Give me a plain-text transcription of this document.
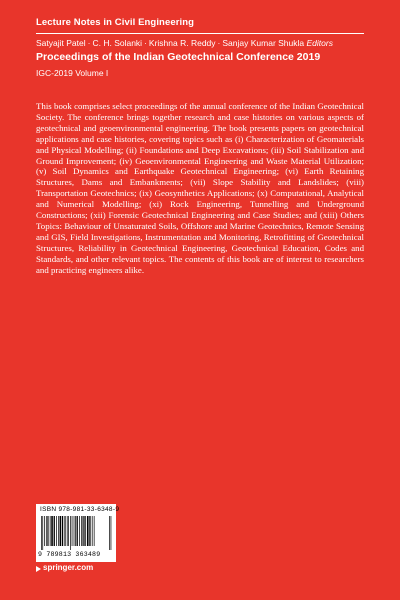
Lecture Notes in Civil Engineering
Satyajit Patel · C. H. Solanki · Krishna R. Reddy · Sanjay Kumar Shukla Editors
Proceedings of the Indian Geotechnical Conference 2019
IGC-2019 Volume I

This book comprises select proceedings of the annual conference of the Indian Geotechnical Society. The conference brings together research and case histories on various aspects of geotechnical and geoenvironmental engineering. The book presents papers on geotechnical applications and case histories, covering topics such as (i) Characterization of Geomaterials and Physical Modelling; (ii) Foundations and Deep Excavations; (iii) Soil Stabilization and Ground Improvement; (iv) Geoenvironmental Engineering and Waste Material Utilization; (v) Soil Dynamics and Earthquake Geotechnical Engineering; (vi) Earth Retaining Structures, Dams and Embankments; (vii) Slope Stability and Landslides; (viii) Transportation Geotechnics; (ix) Geosynthetics Applications; (x) Computational, Analytical and Numerical Modelling; (xi) Rock Engineering, Tunnelling and Underground Constructions; (xii) Forensic Geotechnical Engineering and Case Studies; and (xiii) Others Topics: Behaviour of Unsaturated Soils, Offshore and Marine Geotechnics, Remote Sensing and GIS, Field Investigations, Instrumentation and Monitoring, Retrofitting of Geotechnical Structures, Reliability in Geotechnical Engineering, Geotechnical Education, Codes and Standards, and other relevant topics. The contents of this book are of interest to researchers and practicing engineers alike.

ISBN 978-981-33-6348-9
9 789813 363489
springer.com
